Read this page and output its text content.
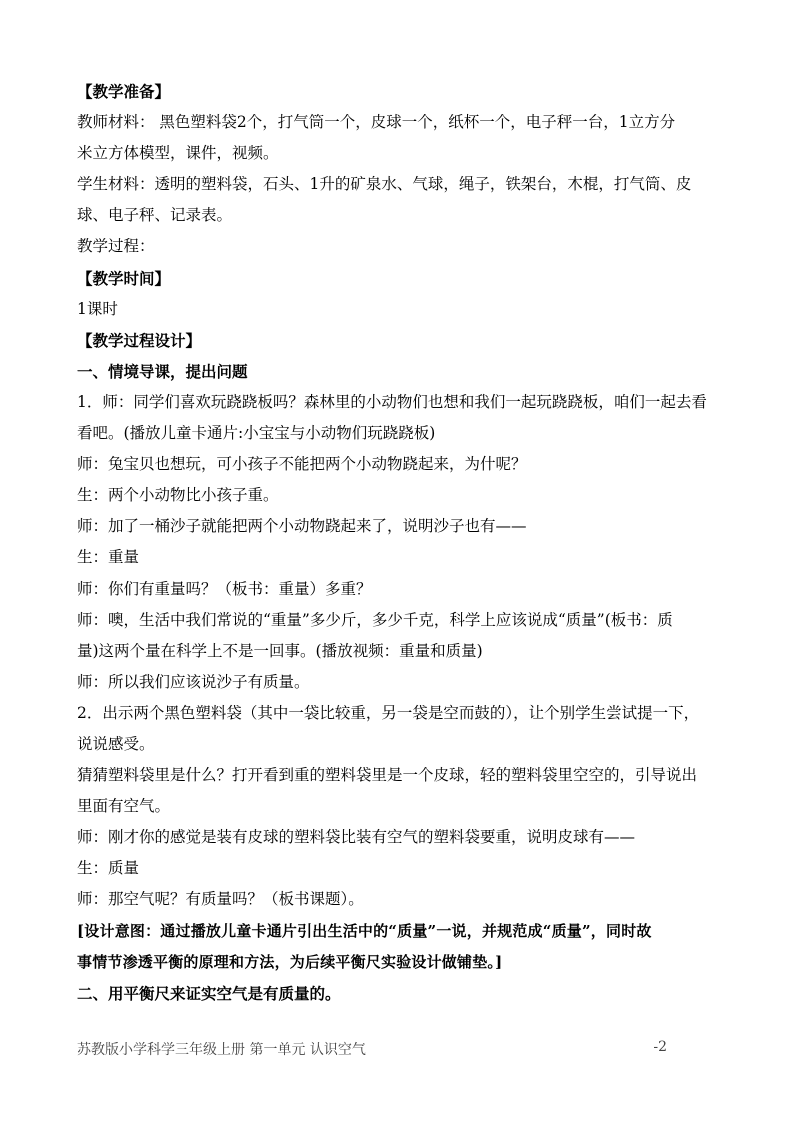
【教学准备】
教师材料： 黑色塑料袋2个，打气筒一个，皮球一个，纸杯一个，电子秤一台，1立方分
米立方体模型，课件，视频。
学生材料：透明的塑料袋，石头、1升的矿泉水、气球，绳子，铁架台，木棍，打气筒、皮
球、电子秤、记录表。
教学过程：
【教学时间】
1课时
【教学过程设计】
一、情境导课，提出问题
1．师：同学们喜欢玩跷跷板吗？森林里的小动物们也想和我们一起玩跷跷板，咱们一起去看
看吧。(播放儿童卡通片:小宝宝与小动物们玩跷跷板)
师：兔宝贝也想玩，可小孩子不能把两个小动物跷起来，为什呢？
生：两个小动物比小孩子重。
师：加了一桶沙子就能把两个小动物跷起来了，说明沙子也有——
生：重量
师：你们有重量吗？（板书：重量）多重？
师：噢，生活中我们常说的“重量”多少斤，多少千克，科学上应该说成“质量”(板书：质
量)这两个量在科学上不是一回事。(播放视频：重量和质量)
师：所以我们应该说沙子有质量。
2．出示两个黑色塑料袋（其中一袋比较重，另一袋是空而鼓的），让个别学生尝试提一下，
说说感受。
猜猜塑料袋里是什么？打开看到重的塑料袋里是一个皮球，轻的塑料袋里空空的，引导说出
里面有空气。
师：刚才你的感觉是装有皮球的塑料袋比装有空气的塑料袋要重，说明皮球有——
生：质量
师：那空气呢？有质量吗？（板书课题）。
[设计意图：通过播放儿童卡通片引出生活中的“质量”一说，并规范成“质量”，同时故
事情节渗透平衡的原理和方法，为后续平衡尺实验设计做铺垫。]
二、用平衡尺来证实空气是有质量的。
苏教版小学科学三年级上册 第一单元 认识空气	-2
